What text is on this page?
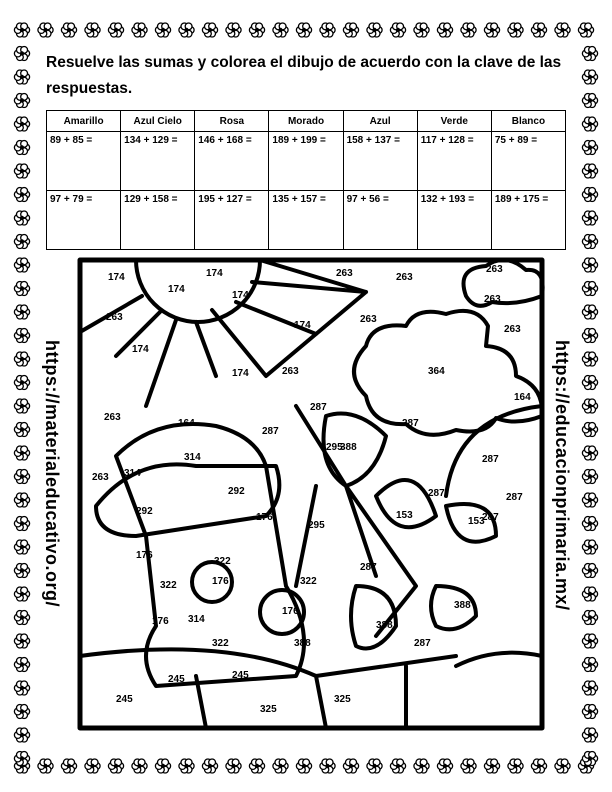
Resuelve las sumas y colorea el dibujo de acuerdo con la clave de las respuestas.
Amarillo	Azul Cielo	Rosa	Morado	Azul	Verde	Blanco
89 + 85 =	134 + 129 =	146 + 168 =	189 + 199 =	158 + 137 =	117 + 128 =	75 + 89 =
97 + 79 =	129 + 158 =	195 + 127 =	135 + 157 =	97 + 56 =	132 + 193 =	189 + 175 =
https://materialeducativo.org/	https://educacionprimaria.mx/
174	174
174
174
174
174
174
263
263	263
263
263
263
263
263
263
364
164
164
314
314
287
287
287
287
287
287
287
287
287
388
263
292
292
176
176
176
176
176
322
322
322
322
314
295
295
153
153
388
388
388
245	245
245
325
325
